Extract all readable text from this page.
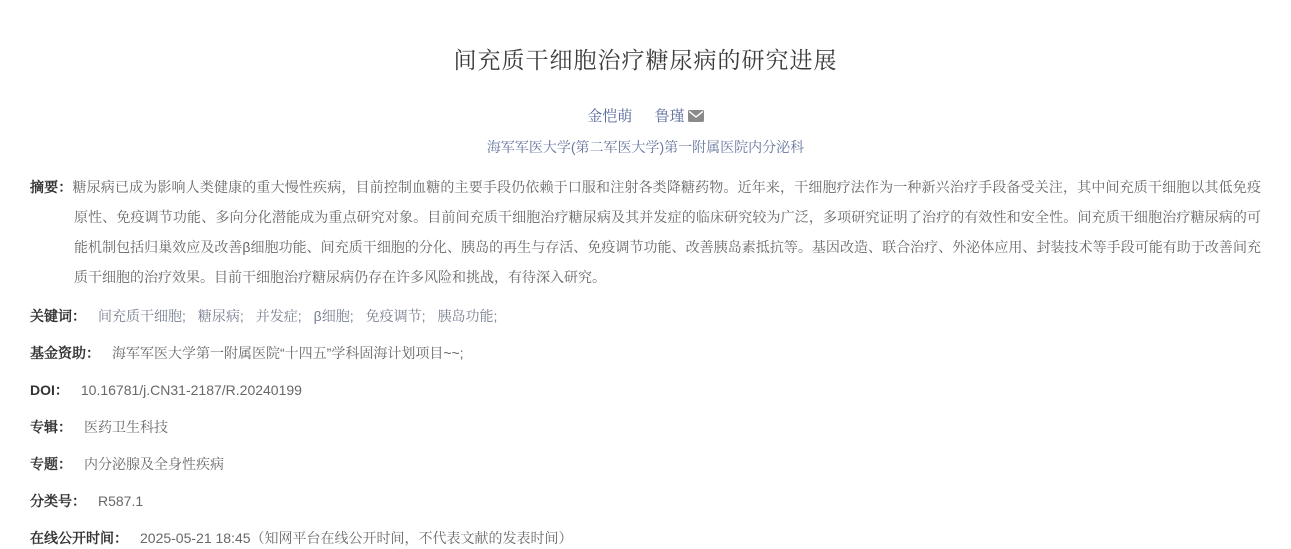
间充质干细胞治疗糖尿病的研究进展
金恺萌 鲁瑾
海军军医大学(第二军医大学)第一附属医院内分泌科

摘要：糖尿病已成为影响人类健康的重大慢性疾病，目前控制血糖的主要手段仍依赖于口服和注射各类降糖药物。近年来，干细胞疗法作为一种新兴治疗手段备受关注，其中间充质干细胞以其低免疫原性、免疫调节功能、多向分化潜能成为重点研究对象。目前间充质干细胞治疗糖尿病及其并发症的临床研究较为广泛，多项研究证明了治疗的有效性和安全性。间充质干细胞治疗糖尿病的可能机制包括归巢效应及改善β细胞功能、间充质干细胞的分化、胰岛的再生与存活、免疫调节功能、改善胰岛素抵抗等。基因改造、联合治疗、外泌体应用、封装技术等手段可能有助于改善间充质干细胞的治疗效果。目前干细胞治疗糖尿病仍存在许多风险和挑战，有待深入研究。

关键词： 间充质干细胞; 糖尿病; 并发症; β细胞; 免疫调节; 胰岛功能;

基金资助： 海军军医大学第一附属医院“十四五”学科固海计划项目~~;

DOI： 10.16781/j.CN31-2187/R.20240199

专辑： 医药卫生科技

专题： 内分泌腺及全身性疾病

分类号： R587.1

在线公开时间： 2025-05-21 18:45（知网平台在线公开时间，不代表文献的发表时间）
